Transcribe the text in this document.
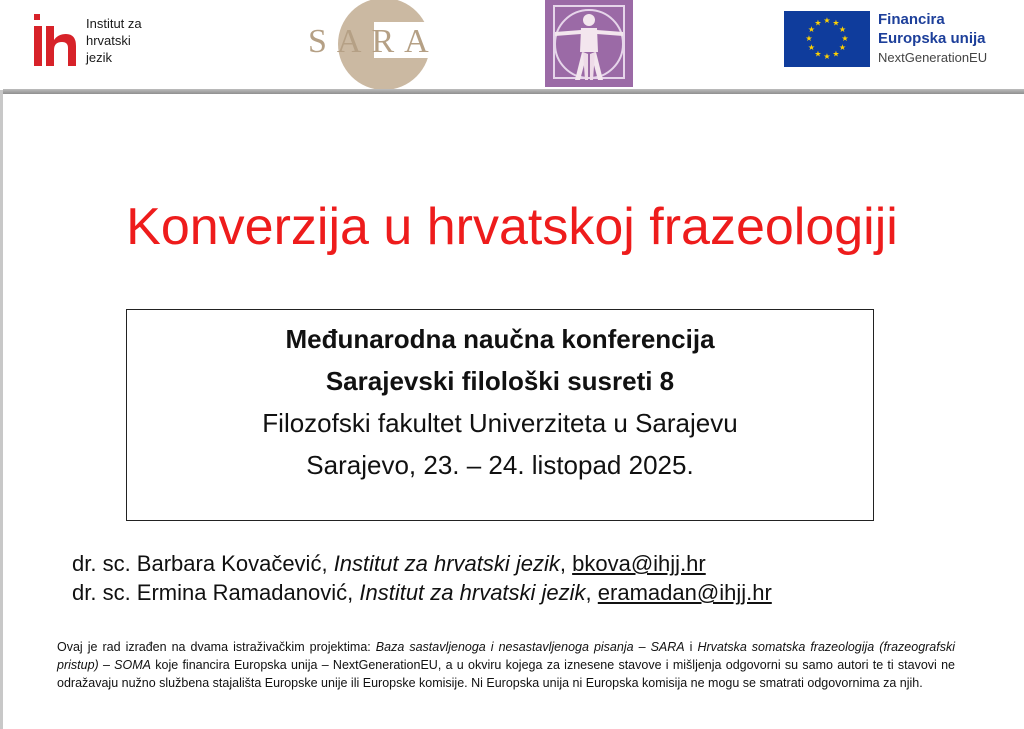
Institut za
hrvatski
jezik	SARA
★ ★
★
★
★
★
★
★
★
★
★
★	Financira
Europska unija
NextGenerationEU
Konverzija u hrvatskoj frazeologiji
Međunarodna naučna konferencija
Sarajevski filološki susreti 8
Filozofski fakultet Univerziteta u Sarajevu
Sarajevo, 23. – 24. listopad 2025.
dr. sc. Barbara Kovačević, Institut za hrvatski jezik, bkova@ihjj.hr
dr. sc. Ermina Ramadanović, Institut za hrvatski jezik, eramadan@ihjj.hr
Ovaj je rad izrađen na dvama istraživačkim projektima: Baza sastavljenoga i nesastavljenoga pisanja – SARA i Hrvatska somatska frazeologija (frazeografski pristup) – SOMA koje financira Europska unija – NextGenerationEU, a u okviru kojega za iznesene stavove i mišljenja odgovorni su samo autori te ti stavovi ne odražavaju nužno službena stajališta Europske unije ili Europske komisije. Ni Europska unija ni Europska komisija ne mogu se smatrati odgovornima za njih.
